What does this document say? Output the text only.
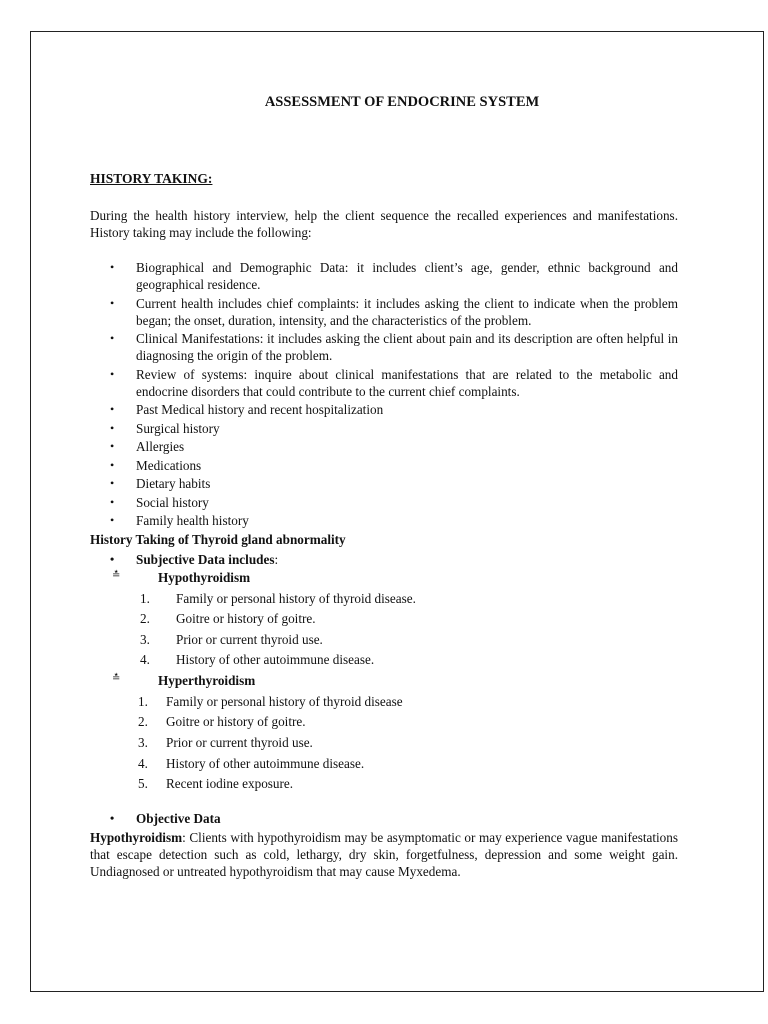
ASSESSMENT OF ENDOCRINE SYSTEM
HISTORY TAKING:
During the health history interview, help the client sequence the recalled experiences and manifestations. History taking may include the following:
• Biographical and Demographic Data: it includes client’s age, gender, ethnic background and geographical residence.
• Current health includes chief complaints: it includes asking the client to indicate when the problem began; the onset, duration, intensity, and the characteristics of the problem.
• Clinical Manifestations: it includes asking the client about pain and its description are often helpful in diagnosing the origin of the problem.
• Review of systems: inquire about clinical manifestations that are related to the metabolic and endocrine disorders that could contribute to the current chief complaints.
• Past Medical history and recent hospitalization
• Surgical history
• Allergies
• Medications
• Dietary habits
• Social history
• Family health history
History Taking of Thyroid gland abnormality
• Subjective Data includes:
≛	Hypothyroidism
1. Family or personal history of thyroid disease.
2. Goitre or history of goitre.
3. Prior or current thyroid use.
4. History of other autoimmune disease.
≛	Hyperthyroidism
1. Family or personal history of thyroid disease
2. Goitre or history of goitre.
3. Prior or current thyroid use.
4. History of other autoimmune disease.
5. Recent iodine exposure.
• Objective Data
Hypothyroidism: Clients with hypothyroidism may be asymptomatic or may experience vague manifestations that escape detection such as cold, lethargy, dry skin, forgetfulness, depression and some weight gain. Undiagnosed or untreated hypothyroidism that may cause Myxedema.
